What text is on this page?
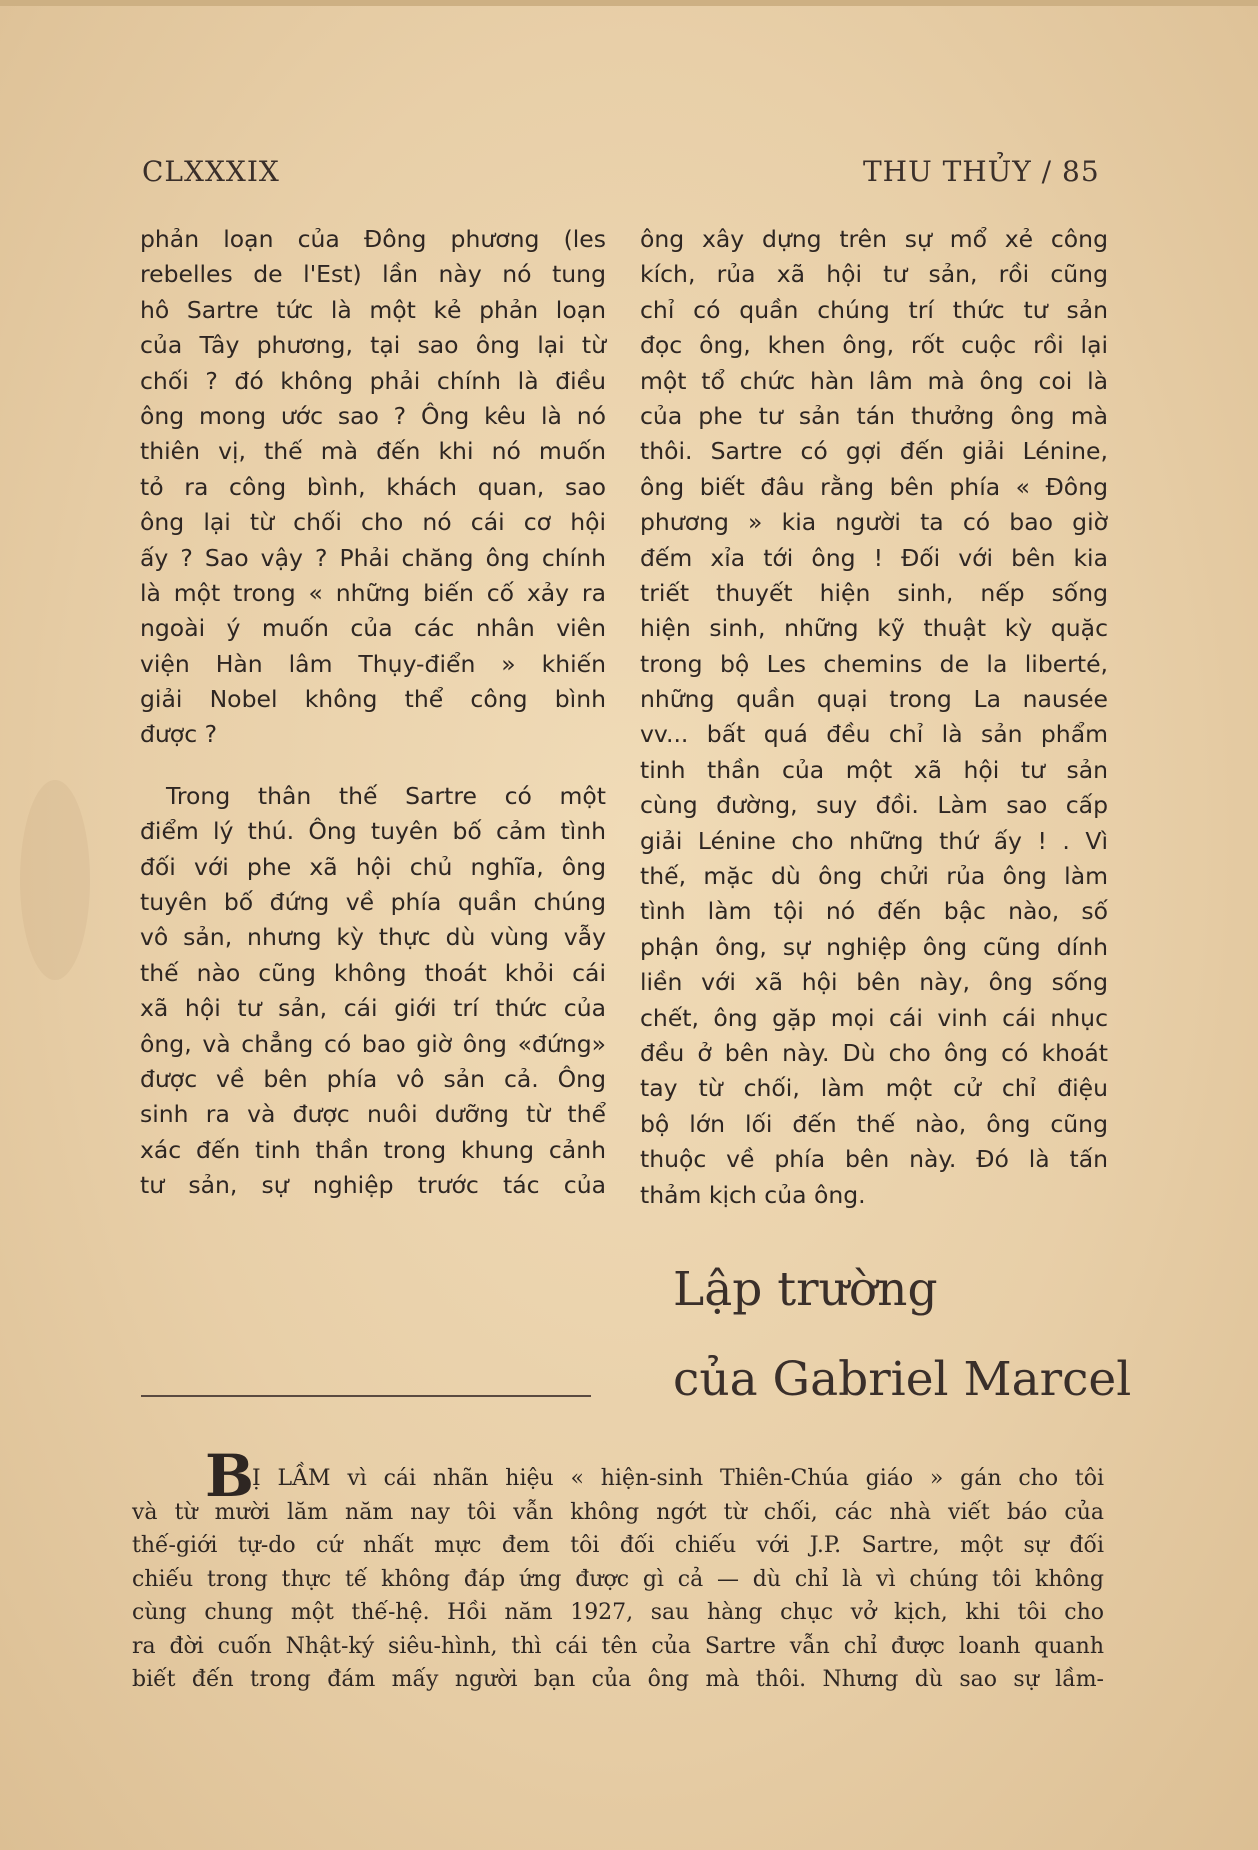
CLXXXIX	THU THỦY / 85
phản loạn của Đông phương (les
rebelles de l'Est) lần này nó tung
hô Sartre tức là một kẻ phản loạn
của Tây phương, tại sao ông lại từ
chối ? đó không phải chính là điều
ông mong ước sao ? Ông kêu là nó
thiên vị, thế mà đến khi nó muốn
tỏ ra công bình, khách quan, sao
ông lại từ chối cho nó cái cơ hội
ấy ? Sao vậy ? Phải chăng ông chính
là một trong « những biến cố xảy ra
ngoài ý muốn của các nhân viên
viện Hàn lâm Thụy-điển » khiến
giải Nobel không thể công bình
được ?
Trong thân thế Sartre có một
điểm lý thú. Ông tuyên bố cảm tình
đối với phe xã hội chủ nghĩa, ông
tuyên bố đứng về phía quần chúng
vô sản, nhưng kỳ thực dù vùng vẫy
thế nào cũng không thoát khỏi cái
xã hội tư sản, cái giới trí thức của
ông, và chẳng có bao giờ ông «đứng»
được về bên phía vô sản cả. Ông
sinh ra và được nuôi dưỡng từ thể
xác đến tinh thần trong khung cảnh
tư sản, sự nghiệp trước tác của
ông xây dựng trên sự mổ xẻ công
kích, rủa xã hội tư sản, rồi cũng
chỉ có quần chúng trí thức tư sản
đọc ông, khen ông, rốt cuộc rồi lại
một tổ chức hàn lâm mà ông coi là
của phe tư sản tán thưởng ông mà
thôi. Sartre có gợi đến giải Lénine,
ông biết đâu rằng bên phía « Đông
phương » kia người ta có bao giờ
đếm xỉa tới ông ! Đối với bên kia
triết thuyết hiện sinh, nếp sống
hiện sinh, những kỹ thuật kỳ quặc
trong bộ Les chemins de la liberté,
những quần quại trong La nausée
vv... bất quá đều chỉ là sản phẩm
tinh thần của một xã hội tư sản
cùng đường, suy đồi. Làm sao cấp
giải Lénine cho những thứ ấy ! . Vì
thế, mặc dù ông chửi rủa ông làm
tình làm tội nó đến bậc nào, số
phận ông, sự nghiệp ông cũng dính
liền với xã hội bên này, ông sống
chết, ông gặp mọi cái vinh cái nhục
đều ở bên này. Dù cho ông có khoát
tay từ chối, làm một cử chỉ điệu
bộ lớn lối đến thế nào, ông cũng
thuộc về phía bên này. Đó là tấn
thảm kịch của ông.
Lập trường
của Gabriel Marcel
B
Ị LẦM vì cái nhãn hiệu « hiện-sinh Thiên-Chúa giáo » gán cho tôi
và từ mười lăm năm nay tôi vẫn không ngớt từ chối, các nhà viết báo của
thế-giới tự-do cứ nhất mực đem tôi đối chiếu với J.P. Sartre, một sự đối
chiếu trong thực tế không đáp ứng được gì cả — dù chỉ là vì chúng tôi không
cùng chung một thế-hệ. Hồi năm 1927, sau hàng chục vở kịch, khi tôi cho
ra đời cuốn Nhật-ký siêu-hình, thì cái tên của Sartre vẫn chỉ được loanh quanh
biết đến trong đám mấy người bạn của ông mà thôi. Nhưng dù sao sự lầm-
